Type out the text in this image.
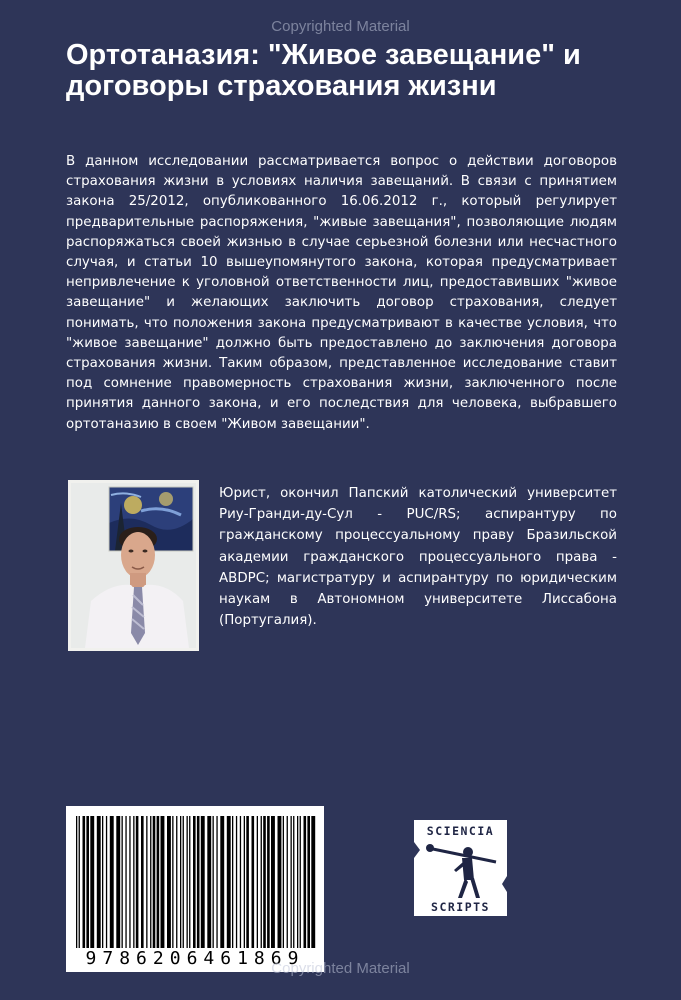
Copyrighted Material
Ортотаназия: "Живое завещание" и договоры страхования жизни

В данном исследовании рассматривается вопрос о действии договоров страхования жизни в условиях наличия завещаний. В связи с принятием закона 25/2012, опубликованного 16.06.2012 г., который регулирует предварительные распоряжения, "живые завещания", позволяющие людям распоряжаться своей жизнью в случае серьезной болезни или несчастного случая, и статьи 10 вышеупомянутого закона, которая предусматривает непривлечение к уголовной ответственности лиц, предоставивших "живое завещание" и желающих заключить договор страхования, следует понимать, что положения закона предусматривают в качестве условия, что "живое завещание" должно быть предоставлено до заключения договора страхования жизни. Таким образом, представленное исследование ставит под сомнение правомерность страхования жизни, заключенного после принятия данного закона, и его последствия для человека, выбравшего ортотаназию в своем "Живом завещании".

Юрист, окончил Папский католический университет Риу-Гранди-ду-Сул - PUC/RS; аспирантуру по гражданскому процессуальному праву Бразильской академии гражданского процессуального права - ABDPC; магистратуру и аспирантуру по юридическим наукам в Автономном университете Лиссабона (Португалия).

9786206461869
SCIENCIA
SCRIPTS
Copyrighted Material
